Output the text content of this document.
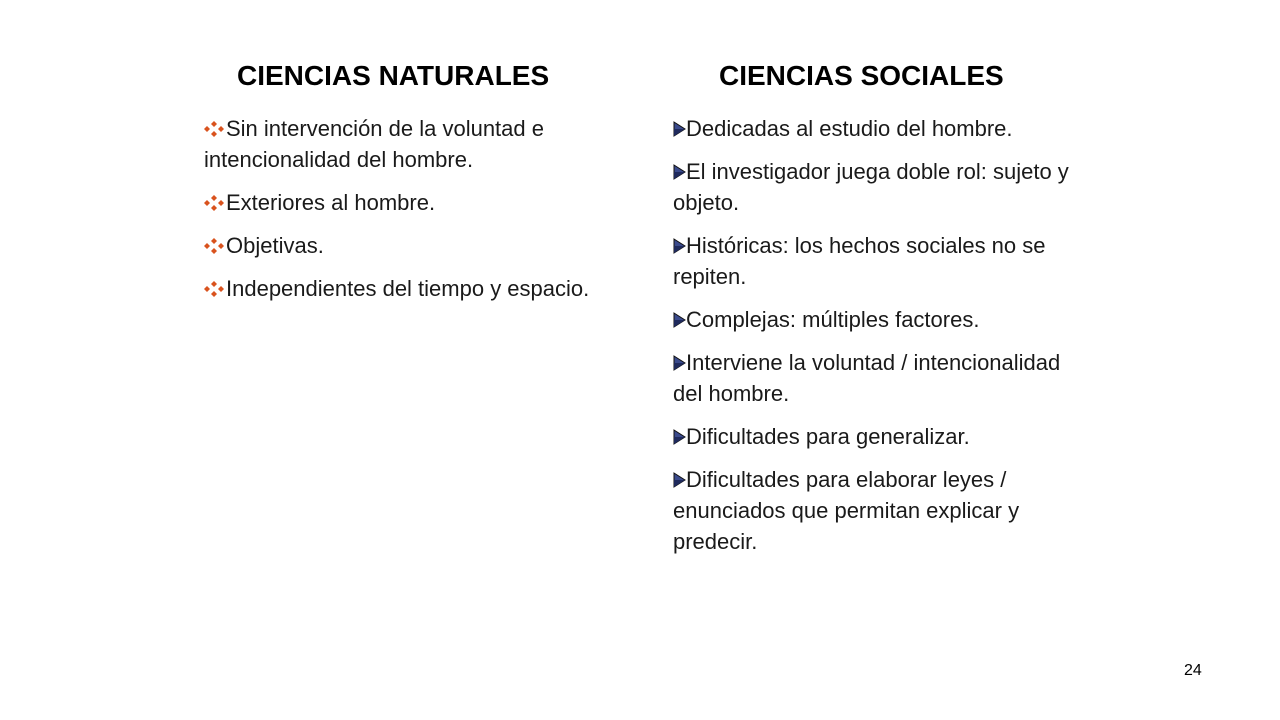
CIENCIAS NATURALES	CIENCIAS SOCIALES
Sin intervención de la voluntad e intencionalidad del hombre.
Exteriores al hombre.
Objetivas.
Independientes del tiempo y espacio.
Dedicadas al estudio del hombre.
El investigador juega doble rol: sujeto y objeto.
Históricas: los hechos sociales no se repiten.
Complejas: múltiples factores.
Interviene la voluntad / intencionalidad del hombre.
Dificultades para generalizar.
Dificultades para elaborar leyes / enunciados que permitan explicar y predecir.
24
